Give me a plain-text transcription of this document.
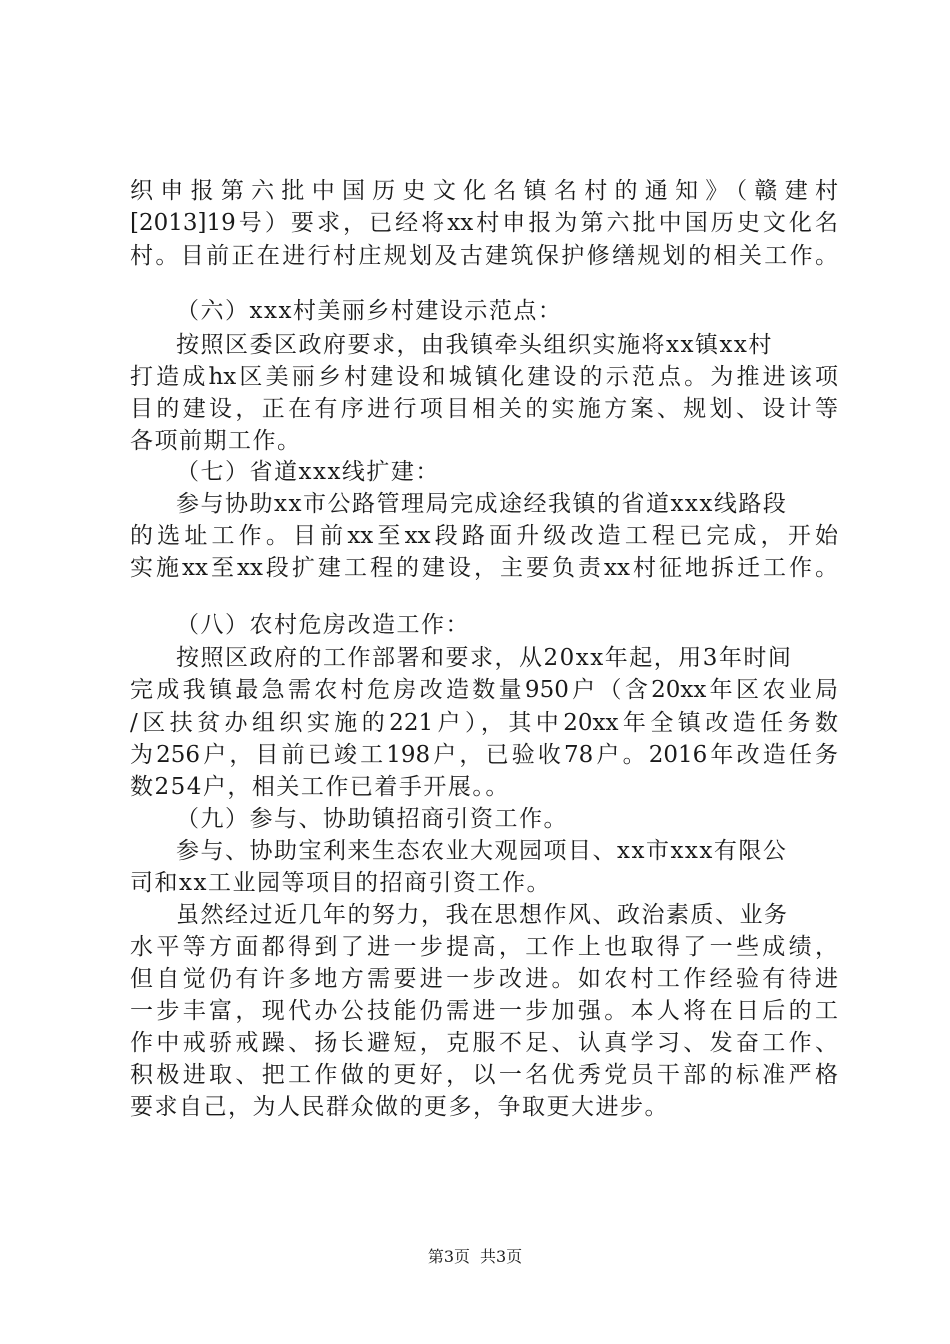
织申报第六批中国历史文化名镇名村的通知》（赣建村
[2013]19号）要求，已经将xx村申报为第六批中国历史文化名
村。目前正在进行村庄规划及古建筑保护修缮规划的相关工作。
（六）xxx村美丽乡村建设示范点：
按照区委区政府要求，由我镇牵头组织实施将xx镇xx村
打造成hx区美丽乡村建设和城镇化建设的示范点。为推进该项
目的建设，正在有序进行项目相关的实施方案、规划、设计等
各项前期工作。
（七）省道xxx线扩建：
参与协助xx市公路管理局完成途经我镇的省道xxx线路段
的选址工作。目前xx至xx段路面升级改造工程已完成，开始
实施xx至xx段扩建工程的建设，主要负责xx村征地拆迁工作。
（八）农村危房改造工作：
按照区政府的工作部署和要求，从20xx年起，用3年时间
完成我镇最急需农村危房改造数量950户（含20xx年区农业局
/区扶贫办组织实施的221户），其中20xx年全镇改造任务数
为256户，目前已竣工198户，已验收78户。2016年改造任务
数254户，相关工作已着手开展。。
（九）参与、协助镇招商引资工作。
参与、协助宝利来生态农业大观园项目、xx市xxx有限公
司和xx工业园等项目的招商引资工作。
虽然经过近几年的努力，我在思想作风、政治素质、业务
水平等方面都得到了进一步提高，工作上也取得了一些成绩，
但自觉仍有许多地方需要进一步改进。如农村工作经验有待进
一步丰富，现代办公技能仍需进一步加强。本人将在日后的工
作中戒骄戒躁、扬长避短，克服不足、认真学习、发奋工作、
积极进取、把工作做的更好，以一名优秀党员干部的标准严格
要求自己，为人民群众做的更多，争取更大进步。
第3页 共3页
